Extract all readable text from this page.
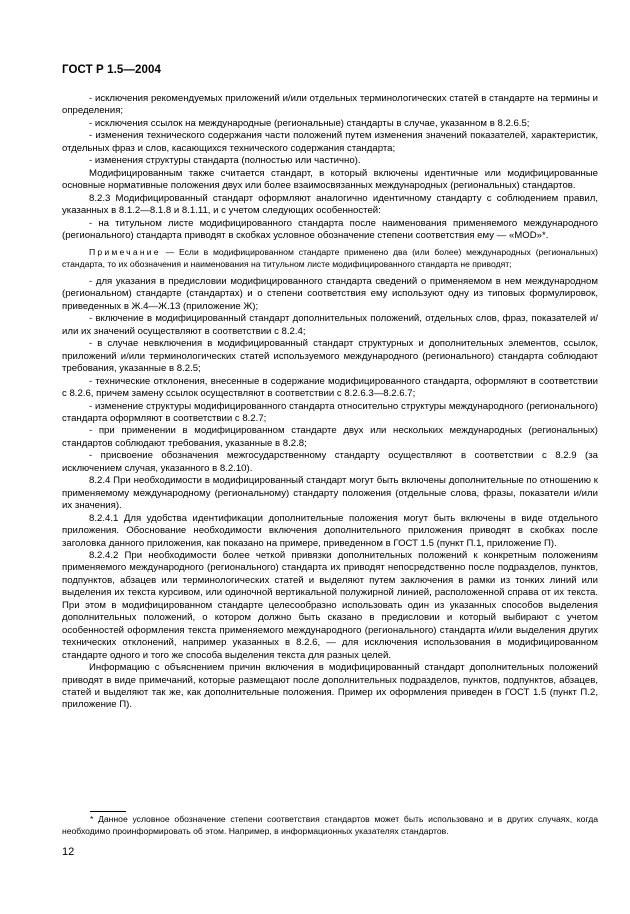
ГОСТ Р 1.5—2004

- исключения рекомендуемых приложений и/или отдельных терминологических статей в стандарте на термины и определения;

- исключения ссылок на международные (региональные) стандарты в случае, указанном в 8.2.6.5;

- изменения технического содержания части положений путем изменения значений показателей, характеристик, отдельных фраз и слов, касающихся технического содержания стандарта;

- изменения структуры стандарта (полностью или частично).

Модифицированным также считается стандарт, в который включены идентичные или модифицированные основные нормативные положения двух или более взаимосвязанных международных (региональных) стандартов.

8.2.3 Модифицированный стандарт оформляют аналогично идентичному стандарту с соблюдением правил, указанных в 8.1.2—8.1.8 и 8.1.11, и с учетом следующих особенностей:

- на титульном листе модифицированного стандарта после наименования применяемого международного (регионального) стандарта приводят в скобках условное обозначение степени соответствия ему — «MOD»*.

Примечание — Если в модифицированном стандарте применено два (или более) международных (региональных) стандарта, то их обозначения и наименования на титульном листе модифицированного стандарта не приводят;

- для указания в предисловии модифицированного стандарта сведений о применяемом в нем международном (региональном) стандарте (стандартах) и о степени соответствия ему используют одну из типовых формулировок, приведенных в Ж.4—Ж.13 (приложение Ж);

- включение в модифицированный стандарт дополнительных положений, отдельных слов, фраз, показателей и/или их значений осуществляют в соответствии с 8.2.4;

- в случае невключения в модифицированный стандарт структурных и дополнительных элементов, ссылок, приложений и/или терминологических статей используемого международного (регионального) стандарта соблюдают требования, указанные в 8.2.5;

- технические отклонения, внесенные в содержание модифицированного стандарта, оформляют в соответствии с 8.2.6, причем замену ссылок осуществляют в соответствии с 8.2.6.3—8.2.6.7;

- изменение структуры модифицированного стандарта относительно структуры международного (регионального) стандарта оформляют в соответствии с 8.2.7;

- при применении в модифицированном стандарте двух или нескольких международных (региональных) стандартов соблюдают требования, указанные в 8.2.8;

- присвоение обозначения межгосударственному стандарту осуществляют в соответствии с 8.2.9 (за исключением случая, указанного в 8.2.10).

8.2.4 При необходимости в модифицированный стандарт могут быть включены дополнительные по отношению к применяемому международному (региональному) стандарту положения (отдельные слова, фразы, показатели и/или их значения).

8.2.4.1 Для удобства идентификации дополнительные положения могут быть включены в виде отдельного приложения. Обоснование необходимости включения дополнительного приложения приводят в скобках после заголовка данного приложения, как показано на примере, приведенном в ГОСТ 1.5 (пункт П.1, приложение П).

8.2.4.2 При необходимости более четкой привязки дополнительных положений к конкретным положениям применяемого международного (регионального) стандарта их приводят непосредственно после подразделов, пунктов, подпунктов, абзацев или терминологических статей и выделяют путем заключения в рамки из тонких линий или выделения их текста курсивом, или одиночной вертикальной полужирной линией, расположенной справа от их текста. При этом в модифицированном стандарте целесообразно использовать один из указанных способов выделения дополнительных положений, о котором должно быть сказано в предисловии и который выбирают с учетом особенностей оформления текста применяемого международного (регионального) стандарта и/или выделения других технических отклонений, например указанных в 8.2.6, — для исключения использования в модифицированном стандарте одного и того же способа выделения текста для разных целей.

Информацию с объяснением причин включения в модифицированный стандарт дополнительных положений приводят в виде примечаний, которые размещают после дополнительных подразделов, пунктов, подпунктов, абзацев, статей и выделяют так же, как дополнительные положения. Пример их оформления приведен в ГОСТ 1.5 (пункт П.2, приложение П).

* Данное условное обозначение степени соответствия стандартов может быть использовано и в других случаях, когда необходимо проинформировать об этом. Например, в информационных указателях стандартов.
12
